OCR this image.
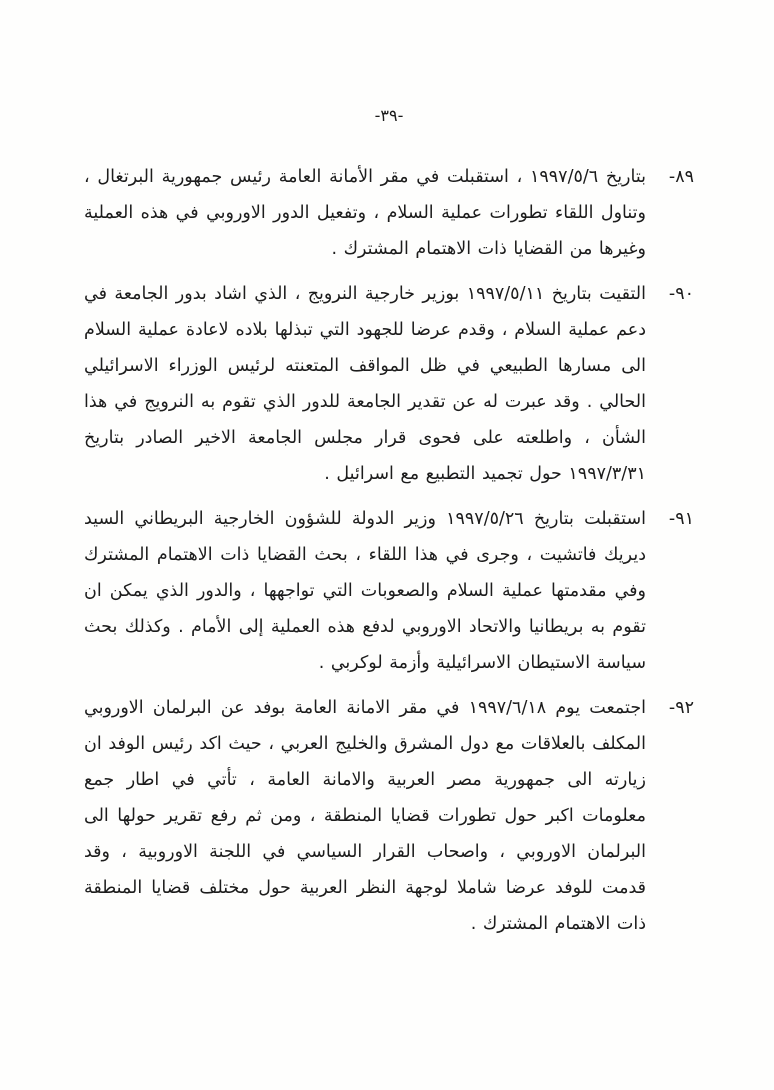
-٣٩-
٨٩-
بتاريخ ١٩٩٧/٥/٦ ، استقبلت في مقر الأمانة العامة رئيس جمهورية البرتغال ، وتناول اللقاء تطورات عملية السلام ، وتفعيل الدور الاوروبي في هذه العملية وغيرها من القضايا ذات الاهتمام المشترك .
٩٠-
التقيت بتاريخ ١٩٩٧/٥/١١ بوزير خارجية النرويج ، الذي اشاد بدور الجامعة في دعم عملية السلام ، وقدم عرضا للجهود التي تبذلها بلاده لاعادة عملية السلام الى مسارها الطبيعي في ظل المواقف المتعنته لرئيس الوزراء الاسرائيلي الحالي . وقد عبرت له عن تقدير الجامعة للدور الذي تقوم به النرويج في هذا الشأن ، واطلعته على فحوى قرار مجلس الجامعة الاخير الصادر بتاريخ ١٩٩٧/٣/٣١ حول تجميد التطبيع مع اسرائيل .
٩١-
استقبلت بتاريخ ١٩٩٧/٥/٢٦ وزير الدولة للشؤون الخارجية البريطاني السيد ديريك فاتشيت ، وجرى في هذا اللقاء ، بحث القضايا ذات الاهتمام المشترك وفي مقدمتها عملية السلام والصعوبات التي تواجهها ، والدور الذي يمكن ان تقوم به بريطانيا والاتحاد الاوروبي لدفع هذه العملية إلى الأمام . وكذلك بحث سياسة الاستيطان الاسرائيلية وأزمة لوكربي .
٩٢-
اجتمعت يوم ١٩٩٧/٦/١٨ في مقر الامانة العامة بوفد عن البرلمان الاوروبي المكلف بالعلاقات مع دول المشرق والخليج العربي ، حيث اكد رئيس الوفد ان زيارته الى جمهورية مصر العربية والامانة العامة ، تأتي في اطار جمع معلومات اكبر حول تطورات قضايا المنطقة ، ومن ثم رفع تقرير حولها الى البرلمان الاوروبي ، واصحاب القرار السياسي في اللجنة الاوروبية ، وقد قدمت للوفد عرضا شاملا لوجهة النظر العربية حول مختلف قضايا المنطقة ذات الاهتمام المشترك .
